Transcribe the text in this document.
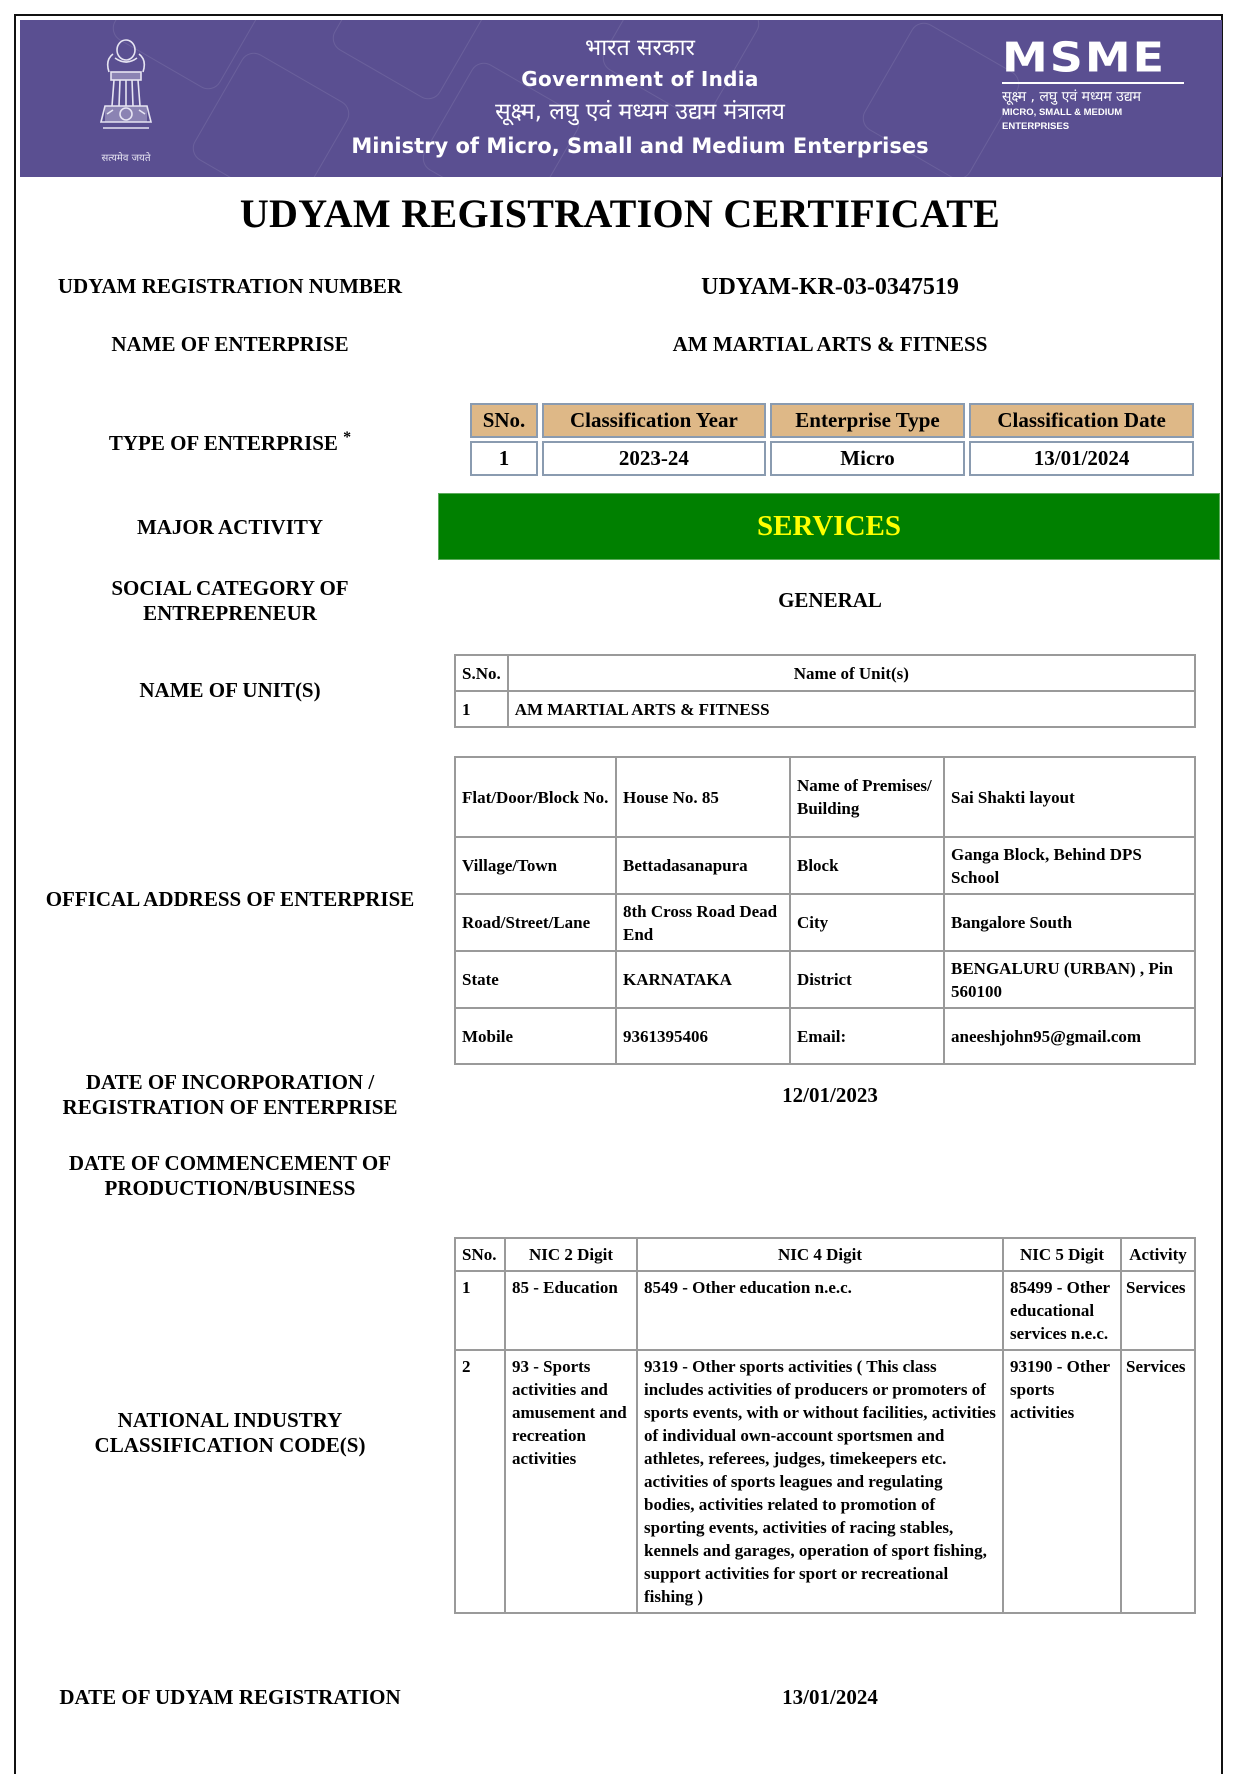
सत्यमेव जयते
भारत सरकार
Government of India
सूक्ष्म, लघु एवं मध्यम उद्यम मंत्रालय
Ministry of Micro, Small and Medium Enterprises
MSME
सूक्ष्म , लघु एवं मध्यम उद्यम
MICRO, SMALL & MEDIUM ENTERPRISES
UDYAM REGISTRATION CERTIFICATE
UDYAM REGISTRATION NUMBER	UDYAM-KR-03-0347519
NAME OF ENTERPRISE	AM MARTIAL ARTS & FITNESS
TYPE OF ENTERPRISE *
SNo.	Classification Year	Enterprise Type	Classification Date
1	2023-24	Micro	13/01/2024
MAJOR ACTIVITY	SERVICES
SOCIAL CATEGORY OF
ENTREPRENEUR
GENERAL
NAME OF UNIT(S)
S.No.	Name of Unit(s)
1	AM MARTIAL ARTS & FITNESS
OFFICAL ADDRESS OF ENTERPRISE
Flat/Door/Block No.	House No. 85	Name of Premises/ Building	Sai Shakti layout
Village/Town	Bettadasanapura	Block	Ganga Block, Behind DPS School
Road/Street/Lane	8th Cross Road Dead End	City	Bangalore South
State	KARNATAKA	District	BENGALURU (URBAN) , Pin 560100
Mobile	9361395406	Email:	aneeshjohn95@gmail.com
DATE OF INCORPORATION /
REGISTRATION OF ENTERPRISE	12/01/2023
DATE OF COMMENCEMENT OF
PRODUCTION/BUSINESS
NATIONAL INDUSTRY
CLASSIFICATION CODE(S)
SNo.	NIC 2 Digit	NIC 4 Digit	NIC 5 Digit	Activity
1	85 - Education	8549 - Other education n.e.c.	85499 - Other educational services n.e.c.	Services
2	93 - Sports activities and amusement and recreation activities	9319 - Other sports activities ( This class includes activities of producers or promoters of sports events, with or without facilities, activities of individual own-account sportsmen and athletes, referees, judges, timekeepers etc. activities of sports leagues and regulating bodies, activities related to promotion of sporting events, activities of racing stables, kennels and garages, operation of sport fishing, support activities for sport or recreational fishing )	93190 - Other sports activities	Services
DATE OF UDYAM REGISTRATION	13/01/2024
